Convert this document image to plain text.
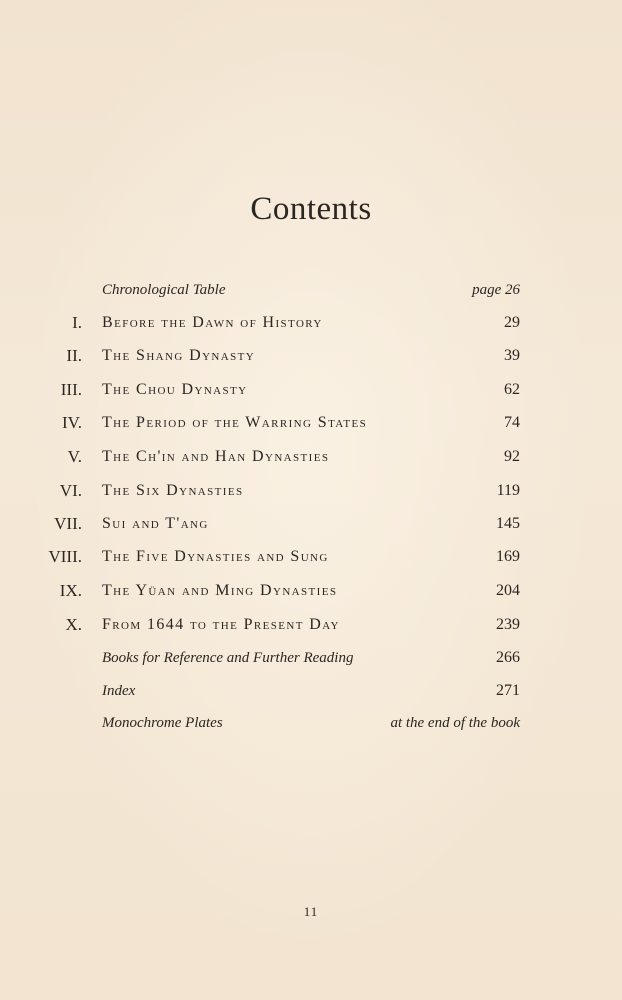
Contents
Chronological Table	page 26
I. Before the Dawn of History	29
II. The Shang Dynasty	39
III. The Chou Dynasty	62
IV. The Period of the Warring States	74
V. The Ch'in and Han Dynasties	92
VI. The Six Dynasties	119
VII. Sui and T'ang	145
VIII. The Five Dynasties and Sung	169
IX. The Yüan and Ming Dynasties	204
X. From 1644 to the Present Day	239
Books for Reference and Further Reading	266
Index	271
Monochrome Plates	at the end of the book
11
